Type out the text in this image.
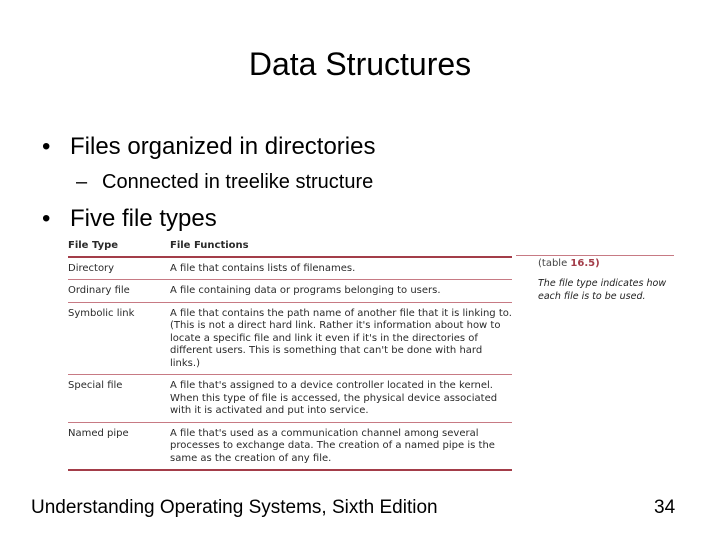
Data Structures
• Files organized in directories
– Connected in treelike structure
• Five file types
File Type	File Functions
Directory	A file that contains lists of filenames.
Ordinary file	A file containing data or programs belonging to users.
Symbolic link	A file that contains the path name of another file that it is linking to. (This is not a direct hard link. Rather it's information about how to locate a specific file and link it even if it's in the directories of different users. This is something that can't be done with hard links.)
Special file	A file that's assigned to a device controller located in the kernel. When this type of file is accessed, the physical device associated with it is activated and put into service.
Named pipe	A file that's used as a communication channel among several processes to exchange data. The creation of a named pipe is the same as the creation of any file.
(table 16.5)
The file type indicates how each file is to be used.
Understanding Operating Systems, Sixth Edition	34
